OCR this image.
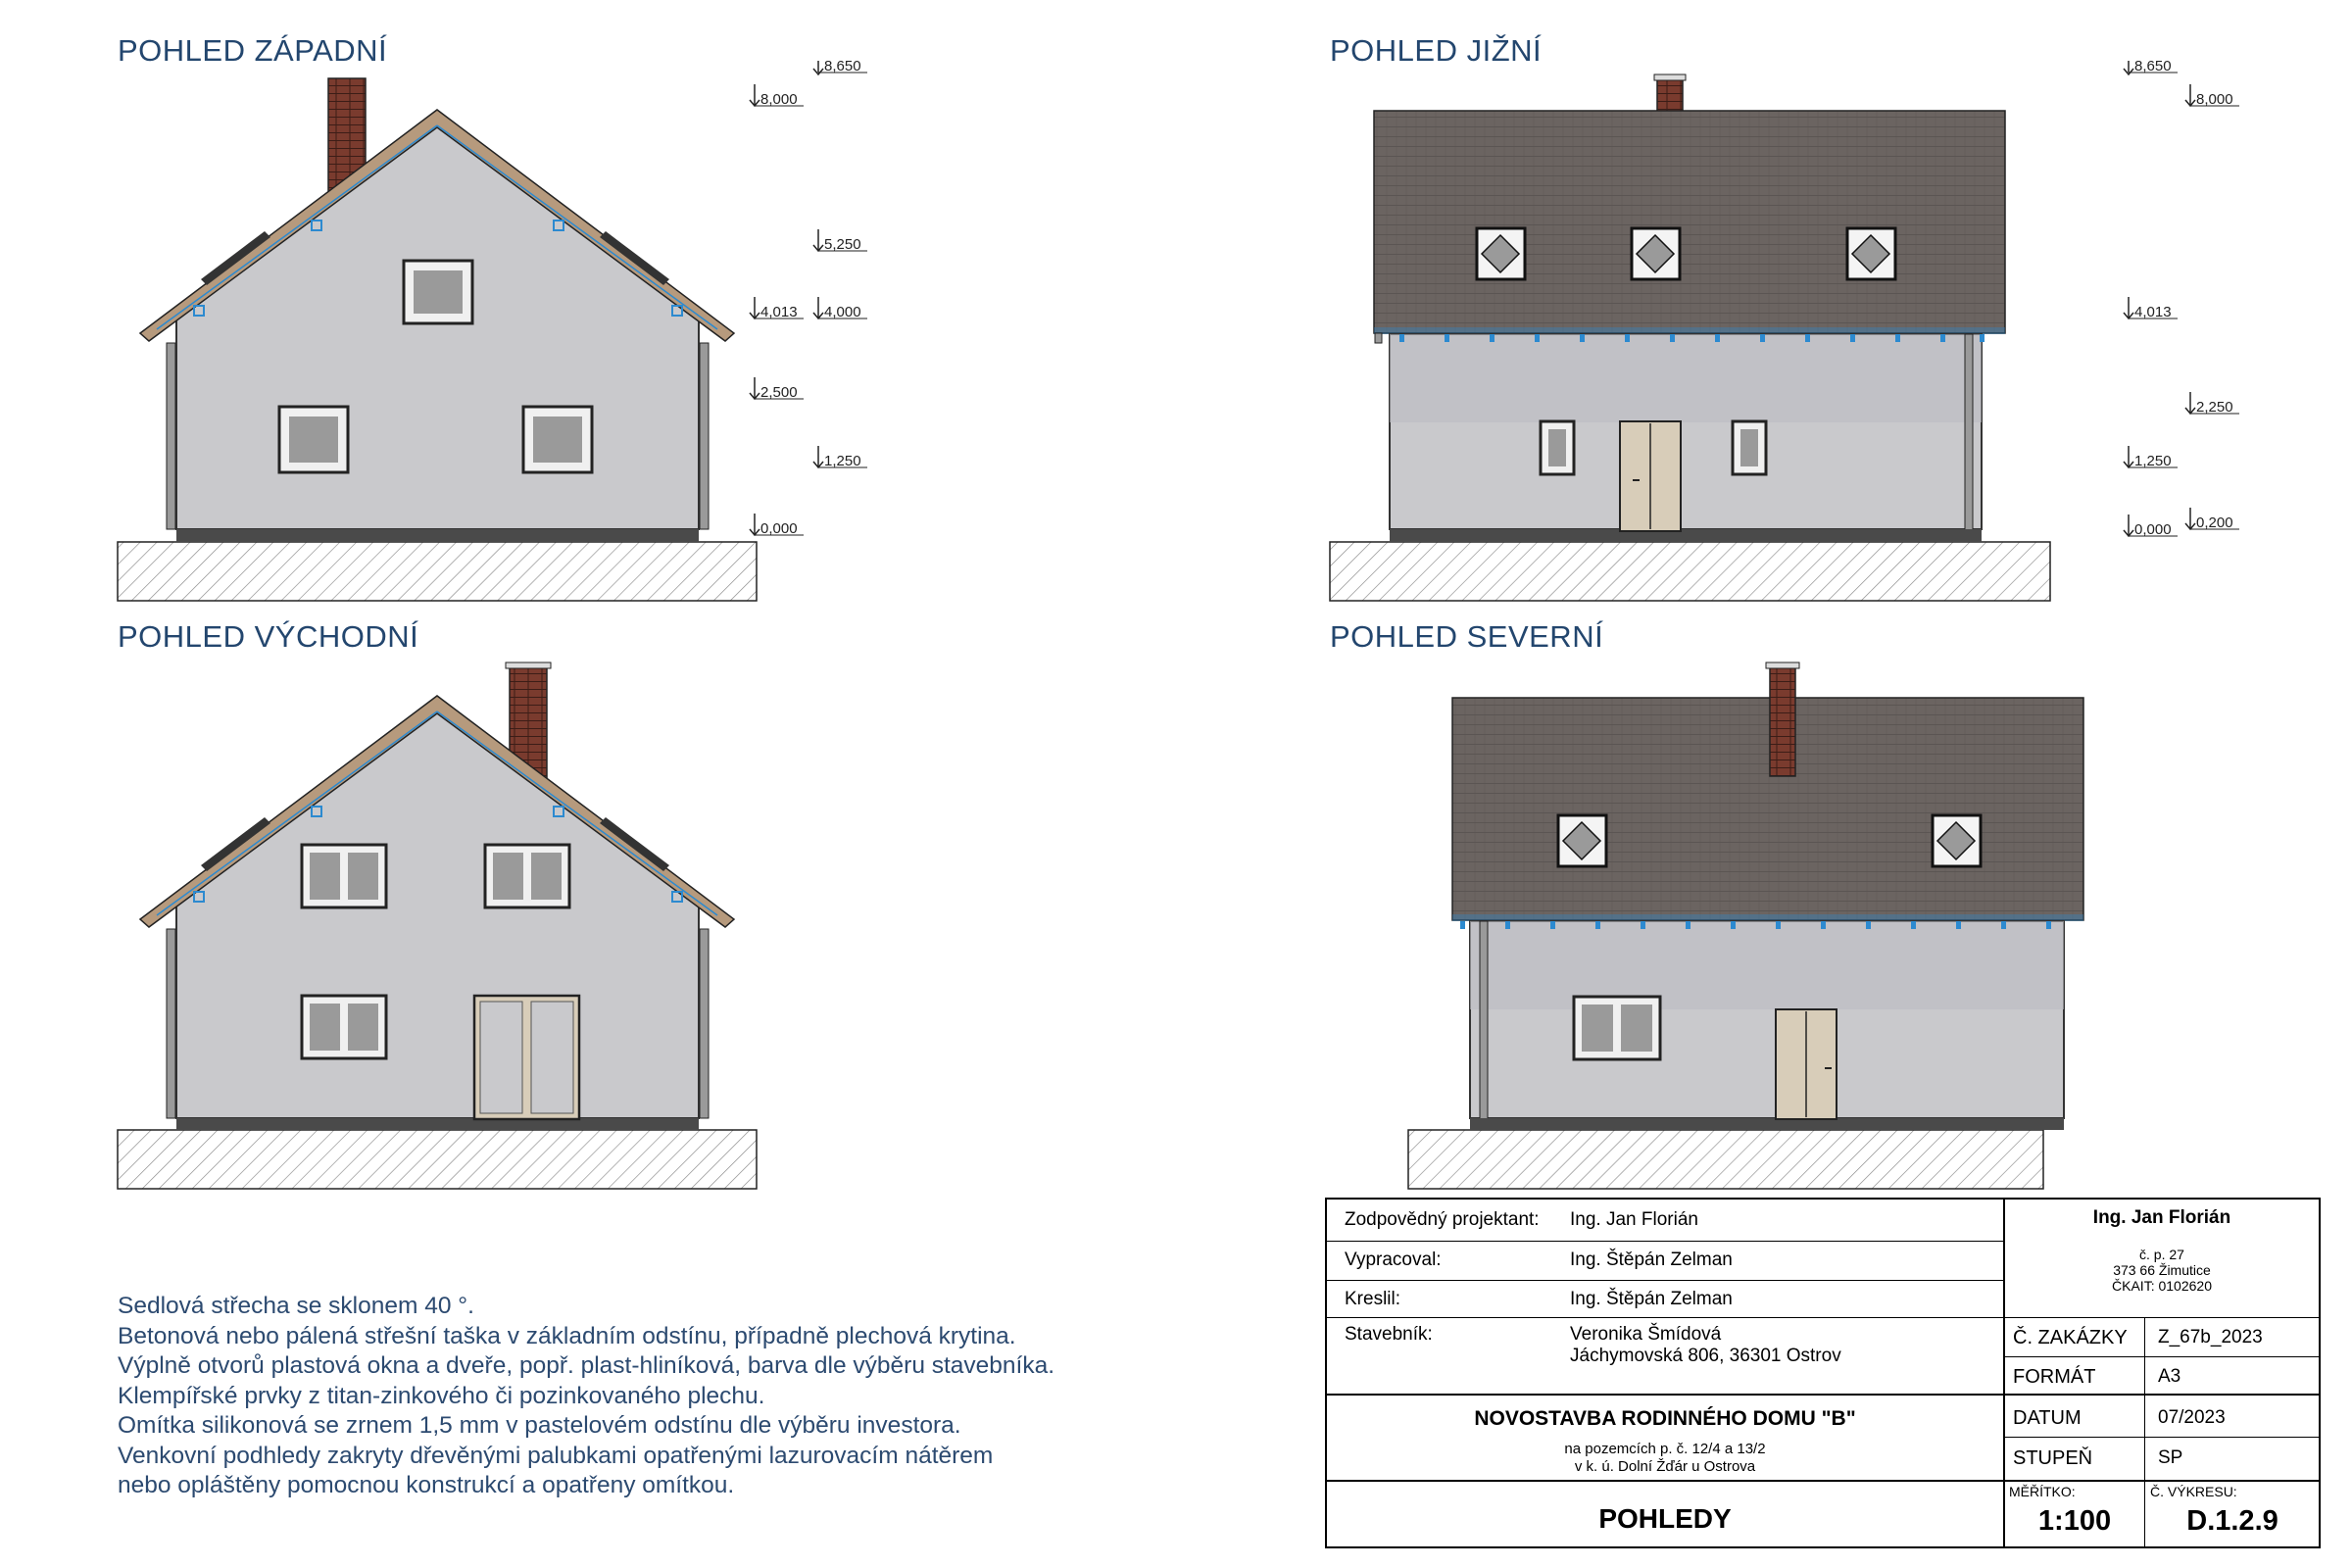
8,650
8,000
5,250
4,013 4,000
2,500
1,250
0,000
8,650
8,000
4,013
2,250
1,250
0,000 0,200
POHLED ZÁPADNÍ	POHLED JIŽNÍ
POHLED VÝCHODNÍ	POHLED SEVERNÍ
Sedlová střecha se sklonem 40 °.
Betonová nebo pálená střešní taška v základním odstínu, případně plechová krytina.
Výplně otvorů plastová okna a dveře, popř. plast-hliníková, barva dle výběru stavebníka.
Klempířské prvky z titan-zinkového či pozinkovaného plechu.
Omítka silikonová se zrnem 1,5 mm v pastelovém odstínu dle výběru investora.
Venkovní podhledy zakryty dřevěnými palubkami opatřenými lazurovacím nátěrem
nebo opláštěny pomocnou konstrukcí a opatřeny omítkou.
Zodpovědný projektant: Ing. Jan Florián
Vypracoval:	Ing. Štěpán Zelman
Kreslil:	Ing. Štěpán Zelman
Stavebník:	Veronika Šmídová
Jáchymovská 806, 36301 Ostrov
Ing. Jan Florián
č. p. 27
373 66 Žimutice
ČKAIT: 0102620
Č. ZAKÁZKY Z_67b_2023
FORMÁT	A3
DATUM	07/2023
STUPEŇ	SP
NOVOSTAVBA RODINNÉHO DOMU "B"
na pozemcích p. č. 12/4 a 13/2
v k. ú. Dolní Žďár u Ostrova
POHLEDY
MĚŘÍTKO:
1:100
Č. VÝKRESU:
D.1.2.9
